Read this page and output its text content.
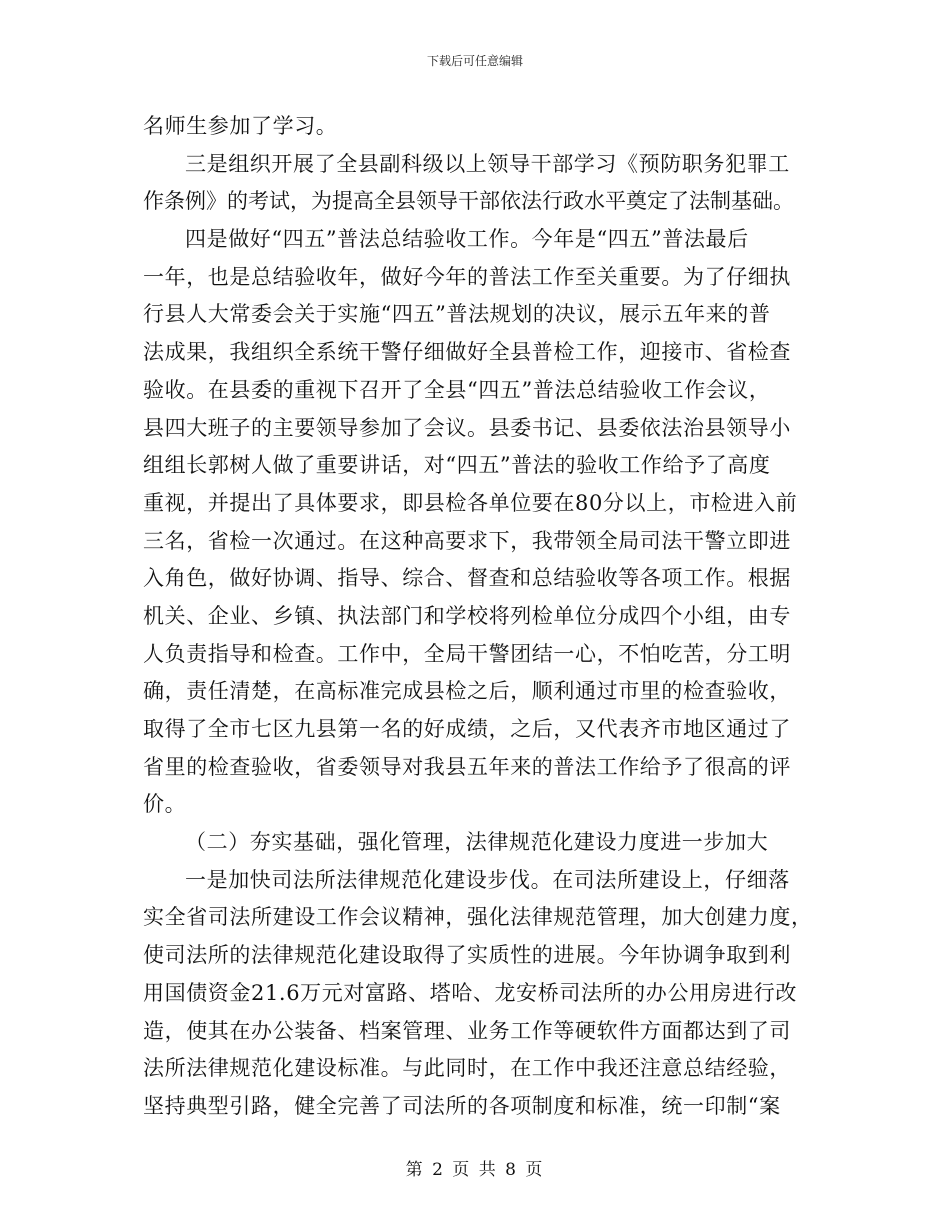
下载后可任意编辑
名师生参加了学习。
三是组织开展了全县副科级以上领导干部学习《预防职务犯罪工
作条例》的考试，为提高全县领导干部依法行政水平奠定了法制基础。
四是做好“四五”普法总结验收工作。今年是“四五”普法最后
一年，也是总结验收年，做好今年的普法工作至关重要。为了仔细执
行县人大常委会关于实施“四五”普法规划的决议，展示五年来的普
法成果，我组织全系统干警仔细做好全县普检工作，迎接市、省检查
验收。在县委的重视下召开了全县“四五”普法总结验收工作会议，
县四大班子的主要领导参加了会议。县委书记、县委依法治县领导小
组组长郭树人做了重要讲话，对“四五”普法的验收工作给予了高度
重视，并提出了具体要求，即县检各单位要在80分以上，市检进入前
三名，省检一次通过。在这种高要求下，我带领全局司法干警立即进
入角色，做好协调、指导、综合、督查和总结验收等各项工作。根据
机关、企业、乡镇、执法部门和学校将列检单位分成四个小组，由专
人负责指导和检查。工作中，全局干警团结一心，不怕吃苦，分工明
确，责任清楚，在高标准完成县检之后，顺利通过市里的检查验收，
取得了全市七区九县第一名的好成绩，之后，又代表齐市地区通过了
省里的检查验收，省委领导对我县五年来的普法工作给予了很高的评
价。
（二）夯实基础，强化管理，法律规范化建设力度进一步加大
一是加快司法所法律规范化建设步伐。在司法所建设上，仔细落
实全省司法所建设工作会议精神，强化法律规范管理，加大创建力度，
使司法所的法律规范化建设取得了实质性的进展。今年协调争取到利
用国债资金21.6万元对富路、塔哈、龙安桥司法所的办公用房进行改
造，使其在办公装备、档案管理、业务工作等硬软件方面都达到了司
法所法律规范化建设标准。与此同时，在工作中我还注意总结经验，
坚持典型引路，健全完善了司法所的各项制度和标准，统一印制“案
第 2 页 共 8 页
